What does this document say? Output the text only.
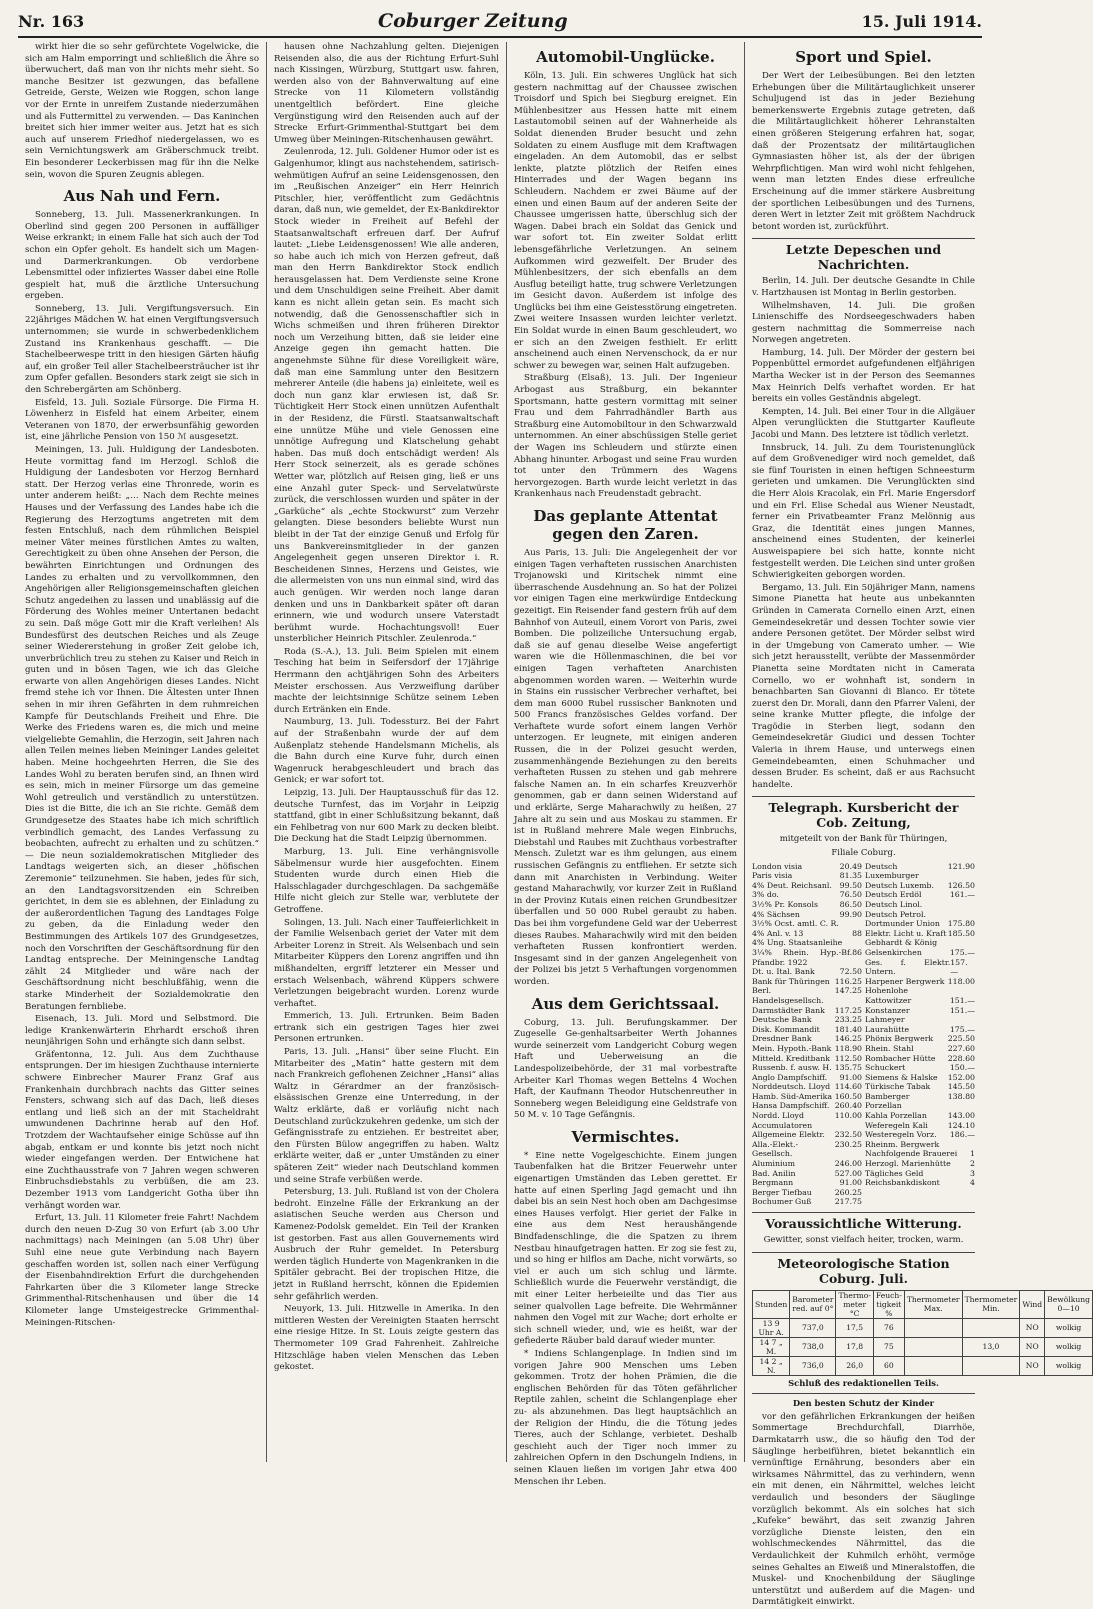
Nr. 163	Coburger Zeitung	15. Juli 1914.

wirkt hier die so sehr gefürchtete Vogelwicke, die sich am Halm emporringt und schließlich die Ähre so überwuchert, daß man von ihr nichts mehr sieht. So manche Besitzer ist gezwungen, das befallene Getreide, Gerste, Weizen wie Roggen, schon lange vor der Ernte in unreifem Zustande niederzumähen und als Futtermittel zu verwenden. — Das Kaninchen breitet sich hier immer weiter aus. Jetzt hat es sich auch auf unserem Friedhof niedergelassen, wo es sein Vernichtungswerk am Gräberschmuck treibt. Ein besonderer Leckerbissen mag für ihn die Nelke sein, wovon die Spuren Zeugnis ablegen.

Aus Nah und Fern.

Sonneberg, 13. Juli. Massenerkrankungen. In Oberlind sind gegen 200 Personen in auffälliger Weise erkrankt; in einem Falle hat sich auch der Tod schon ein Opfer geholt. Es handelt sich um Magen- und Darmerkrankungen. Ob verdorbene Lebensmittel oder infiziertes Wasser dabei eine Rolle gespielt hat, muß die ärztliche Untersuchung ergeben.

Sonneberg, 13. Juli. Vergiftungsversuch. Ein 22jähriges Mädchen W. hat einen Vergiftungsversuch unternommen; sie wurde in schwerbedenklichem Zustand ins Krankenhaus geschafft. — Die Stachelbeerwespe tritt in den hiesigen Gärten häufig auf, ein großer Teil aller Stachelbeersträucher ist ihr zum Opfer gefallen. Besonders stark zeigt sie sich in den Schrebergärten am Schönberg.

Eisfeld, 13. Juli. Soziale Fürsorge. Die Firma H. Löwenherz in Eisfeld hat einem Arbeiter, einem Veteranen von 1870, der erwerbsunfähig geworden ist, eine jährliche Pension von 150 ℳ ausgesetzt.

Meiningen, 13. Juli. Huldigung der Landesboten. Heute vormittag fand im Herzogl. Schloß die Huldigung der Landesboten vor Herzog Bernhard statt. Der Herzog verlas eine Thronrede, worin es unter anderem heißt: „… Nach dem Rechte meines Hauses und der Verfassung des Landes habe ich die Regierung des Herzogtums angetreten mit dem festen Entschluß, nach dem rühmlichen Beispiel meiner Väter meines fürstlichen Amtes zu walten, Gerechtigkeit zu üben ohne Ansehen der Person, die bewährten Einrichtungen und Ordnungen des Landes zu erhalten und zu vervollkommnen, den Angehörigen aller Religionsgemeinschaften gleichen Schutz angedeihen zu lassen und unablässig auf die Förderung des Wohles meiner Untertanen bedacht zu sein. Daß möge Gott mir die Kraft verleihen! Als Bundesfürst des deutschen Reiches und als Zeuge seiner Wiedererstehung in großer Zeit gelobe ich, unverbrüchlich treu zu stehen zu Kaiser und Reich in guten und in bösen Tagen, wie ich das Gleiche erwarte von allen Angehörigen dieses Landes. Nicht fremd stehe ich vor Ihnen. Die Ältesten unter Ihnen sehen in mir ihren Gefährten in dem ruhmreichen Kampfe für Deutschlands Freiheit und Ehre. Die Werke des Friedens waren es, die mich und meine vielgeliebte Gemahlin, die Herzogin, seit Jahren nach allen Teilen meines lieben Meininger Landes geleitet haben. Meine hochgeehrten Herren, die Sie des Landes Wohl zu beraten berufen sind, an Ihnen wird es sein, mich in meiner Fürsorge um das gemeine Wohl getreulich und verständlich zu unterstützen. Dies ist die Bitte, die ich an Sie richte. Gemäß dem Grundgesetze des Staates habe ich mich schriftlich verbindlich gemacht, des Landes Verfassung zu beobachten, aufrecht zu erhalten und zu schützen.“ — Die neun sozialdemokratischen Mitglieder des Landtags weigerten sich, an dieser „höfischen Zeremonie“ teilzunehmen. Sie haben, jedes für sich, an den Landtagsvorsitzenden ein Schreiben gerichtet, in dem sie es ablehnen, der Einladung zu der außerordentlichen Tagung des Landtages Folge zu geben, da die Einladung weder den Bestimmungen des Artikels 107 des Grundgesetzes, noch den Vorschriften der Geschäftsordnung für den Landtag entspreche. Der Meiningensche Landtag zählt 24 Mitglieder und wäre nach der Geschäftsordnung nicht beschlußfähig, wenn die starke Minderheit der Sozialdemokratie den Beratungen fernbliebe.

Eisenach, 13. Juli. Mord und Selbstmord. Die ledige Krankenwärterin Ehrhardt erschoß ihren neunjährigen Sohn und erhängte sich dann selbst.

Gräfentonna, 12. Juli. Aus dem Zuchthause entsprungen. Der im hiesigen Zuchthause internierte schwere Einbrecher Maurer Franz Graf aus Frankenhain durchbrach nachts das Gitter seines Fensters, schwang sich auf das Dach, ließ dieses entlang und ließ sich an der mit Stacheldraht umwundenen Dachrinne herab auf den Hof. Trotzdem der Wachtaufseher einige Schüsse auf ihn abgab, entkam er und konnte bis jetzt noch nicht wieder eingefangen werden. Der Entwichene hat eine Zuchthausstrafe von 7 Jahren wegen schweren Einbruchsdiebstahls zu verbüßen, die am 23. Dezember 1913 vom Landgericht Gotha über ihn verhängt worden war.

Erfurt, 13. Juli. 11 Kilometer freie Fahrt! Nachdem durch den neuen D-Zug 30 von Erfurt (ab 3.00 Uhr nachmittags) nach Meiningen (an 5.08 Uhr) über Suhl eine neue gute Verbindung nach Bayern geschaffen worden ist, sollen nach einer Verfügung der Eisenbahndirektion Erfurt die durchgehenden Fahrkarten über die 3 Kilometer lange Strecke Grimmenthal-Ritschenhausen und über die 14 Kilometer lange Umsteigestrecke Grimmenthal-Meiningen-Ritschen-

hausen ohne Nachzahlung gelten. Diejenigen Reisenden also, die aus der Richtung Erfurt-Suhl nach Kissingen, Würzburg, Stuttgart usw. fahren, werden also von der Bahnverwaltung auf eine Strecke von 11 Kilometern vollständig unentgeltlich befördert. Eine gleiche Vergünstigung wird den Reisenden auch auf der Strecke Erfurt-Grimmenthal-Stuttgart bei dem Umweg über Meiningen-Ritschenhausen gewährt.

Zeulenroda, 12. Juli. Goldener Humor oder ist es Galgenhumor, klingt aus nachstehendem, satirisch-wehmütigen Aufruf an seine Leidensgenossen, den im „Reußischen Anzeiger“ ein Herr Heinrich Pitschler, hier, veröffentlicht zum Gedächtnis daran, daß nun, wie gemeldet, der Ex-Bankdirektor Stock wieder in Freiheit auf Befehl der Staatsanwaltschaft erfreuen darf. Der Aufruf lautet: „Liebe Leidensgenossen! Wie alle anderen, so habe auch ich mich von Herzen gefreut, daß man den Herrn Bankdirektor Stock endlich herausgelassen hat. Dem Verdienste seine Krone und dem Unschuldigen seine Freiheit. Aber damit kann es nicht allein getan sein. Es macht sich notwendig, daß die Genossenschaftler sich in Wichs schmeißen und ihren früheren Direktor noch um Verzeihung bitten, daß sie leider eine Anzeige gegen ihn gemacht hatten. Die angenehmste Sühne für diese Voreiligkeit wäre, daß man eine Sammlung unter den Besitzern mehrerer Anteile (die habens ja) einleitete, weil es doch nun ganz klar erwiesen ist, daß Sr. Tüchtigkeit Herr Stock einen unnützen Aufenthalt in der Residenz, die Fürstl. Staatsanwaltschaft eine unnütze Mühe und viele Genossen eine unnötige Aufregung und Klatschelung gehabt haben. Das muß doch entschädigt werden! Als Herr Stock seinerzeit, als es gerade schönes Wetter war, plötzlich auf Reisen ging, ließ er uns eine Anzahl guter Speck- und Servelatwürste zurück, die verschlossen wurden und später in der „Garküche“ als „echte Stockwurst“ zum Verzehr gelangten. Diese besonders beliebte Wurst nun bleibt in der Tat der einzige Genuß und Erfolg für uns Bankvereinsmitglieder in der ganzen Angelegenheit gegen unseren Direktor i. R. Bescheidenen Sinnes, Herzens und Geistes, wie die allermeisten von uns nun einmal sind, wird das auch genügen. Wir werden noch lange daran denken und uns in Dankbarkeit später oft daran erinnern, wie und wodurch unsere Vaterstadt berühmt wurde. Hochachtungsvoll! Euer unsterblicher Heinrich Pitschler. Zeulenroda.“

Roda (S.-A.), 13. Juli. Beim Spielen mit einem Tesching hat beim in Seifersdorf der 17jährige Herrmann den achtjährigen Sohn des Arbeiters Meister erschossen. Aus Verzweiflung darüber machte der leichtsinnige Schütze seinem Leben durch Ertränken ein Ende.

Naumburg, 13. Juli. Todessturz. Bei der Fahrt auf der Straßenbahn wurde der auf dem Außenplatz stehende Handelsmann Michelis, als die Bahn durch eine Kurve fuhr, durch einen Wagenruck herabgeschleudert und brach das Genick; er war sofort tot.

Leipzig, 13. Juli. Der Hauptausschuß für das 12. deutsche Turnfest, das im Vorjahr in Leipzig stattfand, gibt in einer Schlußsitzung bekannt, daß ein Fehlbetrag von nur 600 Mark zu decken bleibt. Die Deckung hat die Stadt Leipzig übernommen.

Marburg, 13. Juli. Eine verhängnisvolle Säbelmensur wurde hier ausgefochten. Einem Studenten wurde durch einen Hieb die Halsschlagader durchgeschlagen. Da sachgemäße Hilfe nicht gleich zur Stelle war, verblutete der Getroffene.

Solingen, 13. Juli. Nach einer Tauffeierlichkeit in der Familie Welsenbach geriet der Vater mit dem Arbeiter Lorenz in Streit. Als Welsenbach und sein Mitarbeiter Küppers den Lorenz angriffen und ihn mißhandelten, ergriff letzterer ein Messer und erstach Welsenbach, während Küppers schwere Verletzungen beigebracht wurden. Lorenz wurde verhaftet.

Emmerich, 13. Juli. Ertrunken. Beim Baden ertrank sich ein gestrigen Tages hier zwei Personen ertrunken.

Paris, 13. Juli. „Hansi“ über seine Flucht. Ein Mitarbeiter des „Matin“ hatte gestern mit dem nach Frankreich geflohenen Zeichner „Hansi“ alias Waltz in Gérardmer an der französisch-elsässischen Grenze eine Unterredung, in der Waltz erklärte, daß er vorläufig nicht nach Deutschland zurückzukehren gedenke, um sich der Gefängnisstrafe zu entziehen. Er bestreitet aber, den Fürsten Bülow angegriffen zu haben. Waltz erklärte weiter, daß er „unter Umständen zu einer späteren Zeit“ wieder nach Deutschland kommen und seine Strafe verbüßen werde.

Petersburg, 13. Juli. Rußland ist von der Cholera bedroht. Einzelne Fälle der Erkrankung an der asiatischen Seuche werden aus Cherson und Kamenez-Podolsk gemeldet. Ein Teil der Kranken ist gestorben. Fast aus allen Gouvernements wird Ausbruch der Ruhr gemeldet. In Petersburg werden täglich Hunderte von Magenkranken in die Spitäler gebracht. Bei der tropischen Hitze, die jetzt in Rußland herrscht, können die Epidemien sehr gefährlich werden.

Neuyork, 13. Juli. Hitzwelle in Amerika. In den mittleren Westen der Vereinigten Staaten herrscht eine riesige Hitze. In St. Louis zeigte gestern das Thermometer 109 Grad Fahrenheit. Zahlreiche Hitzschläge haben vielen Menschen das Leben gekostet.

Automobil-Unglücke.

Köln, 13. Juli. Ein schweres Unglück hat sich gestern nachmittag auf der Chaussee zwischen Troisdorf und Spich bei Siegburg ereignet. Ein Mühlenbesitzer aus Hessen hatte mit einem Lastautomobil seinen auf der Wahnerheide als Soldat dienenden Bruder besucht und zehn Soldaten zu einem Ausfluge mit dem Kraftwagen eingeladen. An dem Automobil, das er selbst lenkte, platzte plötzlich der Reifen eines Hinterrades und der Wagen begann ins Schleudern. Nachdem er zwei Bäume auf der einen und einen Baum auf der anderen Seite der Chaussee umgerissen hatte, überschlug sich der Wagen. Dabei brach ein Soldat das Genick und war sofort tot. Ein zweiter Soldat erlitt lebensgefährliche Verletzungen. An seinem Aufkommen wird gezweifelt. Der Bruder des Mühlenbesitzers, der sich ebenfalls an dem Ausflug beteiligt hatte, trug schwere Verletzungen im Gesicht davon. Außerdem ist infolge des Unglücks bei ihm eine Geistesstörung eingetreten. Zwei weitere Insassen wurden leichter verletzt. Ein Soldat wurde in einen Baum geschleudert, wo er sich an den Zweigen festhielt. Er erlitt anscheinend auch einen Nervenschock, da er nur schwer zu bewegen war, seinen Halt aufzugeben.

Straßburg (Elsaß), 13. Juli. Der Ingenieur Arbogast aus Straßburg, ein bekannter Sportsmann, hatte gestern vormittag mit seiner Frau und dem Fahrradhändler Barth aus Straßburg eine Automobiltour in den Schwarzwald unternommen. An einer abschüssigen Stelle geriet der Wagen ins Schleudern und stürzte einen Abhang hinunter. Arbogast und seine Frau wurden tot unter den Trümmern des Wagens hervorgezogen. Barth wurde leicht verletzt in das Krankenhaus nach Freudenstadt gebracht.

Das geplante Attentat gegen den Zaren.

Aus Paris, 13. Juli: Die Angelegenheit der vor einigen Tagen verhafteten russischen Anarchisten Trojanowski und Kiritschek nimmt eine überraschende Ausdehnung an. So hat der Polizei vor einigen Tagen eine merkwürdige Entdeckung gezeitigt. Ein Reisender fand gestern früh auf dem Bahnhof von Auteuil, einem Vorort von Paris, zwei Bomben. Die polizeiliche Untersuchung ergab, daß sie auf genau dieselbe Weise angefertigt waren wie die Höllenmaschinen, die bei vor einigen Tagen verhafteten Anarchisten abgenommen worden waren. — Weiterhin wurde in Stains ein russischer Verbrecher verhaftet, bei dem man 6000 Rubel russischer Banknoten und 500 Francs französisches Geldes vorfand. Der Verhaftete wurde sofort einem langen Verhör unterzogen. Er leugnete, mit einigen anderen Russen, die in der Polizei gesucht werden, zusammenhängende Beziehungen zu den bereits verhafteten Russen zu stehen und gab mehrere falsche Namen an. In ein scharfes Kreuzverhör genommen, gab er dann seinen Widerstand auf und erklärte, Serge Maharachwily zu heißen, 27 Jahre alt zu sein und aus Moskau zu stammen. Er ist in Rußland mehrere Male wegen Einbruchs, Diebstahl und Raubes mit Zuchthaus vorbestrafter Mensch. Zuletzt war es ihm gelungen, aus einem russischen Gefängnis zu entfliehen. Er setzte sich dann mit Anarchisten in Verbindung. Weiter gestand Maharachwily, vor kurzer Zeit in Rußland in der Provinz Kutais einen reichen Grundbesitzer überfallen und 50 000 Rubel geraubt zu haben. Das bei ihm vorgefundene Geld war der Ueberrest dieses Raubes. Maharachwily wird mit den beiden verhafteten Russen konfrontiert werden. Insgesamt sind in der ganzen Angelegenheit von der Polizei bis jetzt 5 Verhaftungen vorgenommen worden.

Aus dem Gerichtssaal.

Coburg, 13. Juli. Berufungskammer. Der Zugeselle Ge-genhaltsarbeiter Werth Johannes wurde seinerzeit vom Landgericht Coburg wegen Haft und Ueberweisung an die Landespolizeibehörde, der 31 mal vorbestrafte Arbeiter Karl Thomas wegen Bettelns 4 Wochen Haft, der Kaufmann Theodor Hutschenreuther in Sonneberg wegen Beleidigung eine Geldstrafe von 50 M. v. 10 Tage Gefängnis.

Vermischtes.

* Eine nette Vogelgeschichte. Einem jungen Taubenfalken hat die Britzer Feuerwehr unter eigenartigen Umständen das Leben gerettet. Er hatte auf einen Sperling Jagd gemacht und ihn dabei bis an sein Nest hoch oben am Dachgesimse eines Hauses verfolgt. Hier geriet der Falke in eine aus dem Nest heraushängende Bindfadenschlinge, die die Spatzen zu ihrem Nestbau hinaufgetragen hatten. Er zog sie fest zu, und so hing er hilflos am Dache, nicht vorwärts, so viel er auch um sich schlug und lärmte. Schließlich wurde die Feuerwehr verständigt, die mit einer Leiter herbeieilte und das Tier aus seiner qualvollen Lage befreite. Die Wehrmänner nahmen den Vogel mit zur Wache; dort erholte er sich schnell wieder, und, wie es heißt, war der gefiederte Räuber bald darauf wieder munter.

* Indiens Schlangenplage. In Indien sind im vorigen Jahre 900 Menschen ums Leben gekommen. Trotz der hohen Prämien, die die englischen Behörden für das Töten gefährlicher Reptile zahlen, scheint die Schlangenplage eher zu- als abzunehmen. Das liegt hauptsächlich an der Religion der Hindu, die die Tötung jedes Tieres, auch der Schlange, verbietet. Deshalb geschieht auch der Tiger noch immer zu zahlreichen Opfern in den Dschungeln Indiens, in seinen Klauen ließen im vorigen Jahr etwa 400 Menschen ihr Leben.

Sport und Spiel.

Der Wert der Leibesübungen. Bei den letzten Erhebungen über die Militärtauglichkeit unserer Schuljugend ist das in jeder Beziehung bemerkenswerte Ergebnis zutage getreten, daß die Militärtauglichkeit höherer Lehranstalten einen größeren Steigerung erfahren hat, sogar, daß der Prozentsatz der militärtauglichen Gymnasiasten höher ist, als der der übrigen Wehrpflichtigen. Man wird wohl nicht fehlgehen, wenn man letzten Endes diese erfreuliche Erscheinung auf die immer stärkere Ausbreitung der sportlichen Leibesübungen und des Turnens, deren Wert in letzter Zeit mit größtem Nachdruck betont worden ist, zurückführt.

Letzte Depeschen und Nachrichten.

Berlin, 14. Juli. Der deutsche Gesandte in Chile v. Hartzhausen ist Montag in Berlin gestorben.

Wilhelmshaven, 14. Juli. Die großen Linienschiffe des Nordseegeschwaders haben gestern nachmittag die Sommerreise nach Norwegen angetreten.

Hamburg, 14. Juli. Der Mörder der gestern bei Poppenbüttel ermordet aufgefundenen elfjährigen Martha Wecker ist in der Person des Seemannes Max Heinrich Delfs verhaftet worden. Er hat bereits ein volles Geständnis abgelegt.

Kempten, 14. Juli. Bei einer Tour in die Allgäuer Alpen verunglückten die Stuttgarter Kaufleute Jacobi und Mann. Des letztere ist tödlich verletzt.

Innsbruck, 14. Juli. Zu dem Touristenunglück auf dem Großvenediger wird noch gemeldet, daß sie fünf Touristen in einen heftigen Schneesturm gerieten und umkamen. Die Verunglückten sind die Herr Alois Kracolak, ein Frl. Marie Engersdorf und ein Frl. Elise Schedal aus Wiener Neustadt, ferner ein Privatbeamter Franz Melönnig aus Graz, die Identität eines jungen Mannes, anscheinend eines Studenten, der keinerlei Ausweispapiere bei sich hatte, konnte nicht festgestellt werden. Die Leichen sind unter großen Schwierigkeiten geborgen worden.

Bergamo, 13. Juli. Ein 50jähriger Mann, namens Simone Pianetta hat heute aus unbekannten Gründen in Camerata Cornello einen Arzt, einen Gemeindesekretär und dessen Tochter sowie vier andere Personen getötet. Der Mörder selbst wird in der Umgebung von Camerato umher. — Wie sich jetzt herausstellt, verübte der Massenmörder Pianetta seine Mordtaten nicht in Camerata Cornello, wo er wohnhaft ist, sondern in benachbarten San Giovanni di Blanco. Er tötete zuerst den Dr. Morali, dann den Pfarrer Valeni, der seine kranke Mutter pflegte, die infolge der Tragödie in Sterben liegt, sodann den Gemeindesekretär Giudici und dessen Tochter Valeria in ihrem Hause, und unterwegs einen Gemeindebeamten, einen Schuhmacher und dessen Bruder. Es scheint, daß er aus Rachsucht handelte.

Telegraph. Kursbericht der Cob. Zeitung,
mitgeteilt von der Bank für Thüringen,
Filiale Coburg.
London visia	20.49
Paris visia	81.35
4% Deut. Reichsanl. 99.50
3% do.	76.50
3½% Pr. Konsols	86.50
4% Sächsen	99.90
3½% Ocst. amtl. C. R.
4% Anl. v. 13	88
4% Ung. Staatsanleihe
3¼% Rhein. Hyp.-Bf. Pfandbr. 1922
86
Dt. u. Ital. Bank	72.50
Bank für Thüringen 116.25
Berl. Handelsgesellsch.
147.25
Darmstädter Bank 117.25
Deutsche Bank	233.25
Disk. Kommandit 181.40
Dresdner Bank	146.25
Mein. Hypoth.-Bank 118.90
Mitteld. Kreditbank 112.50
Russenb. f. ausw. H. 135.75
Anglo Dampfschiff. 91.00
Norddeutsch. Lloyd 114.60
Hamb. Süd-Amerika 160.50
Hansa Dampfschiff. 260.40
Nordd. Lloyd	110.00
Accumulatoren
Allgemeine Elektr. 232.50
Alla.-Elekt.-Gesellsch.
230.25
Aluminium	246.00
Bad. Anilin	527.00
Bergmann	91.00
Berger Tiefbau	260.25
Bochumer Guß	217.75
Deutsch Luxemburger
121.90
Deutsch Luxemb. 126.50
Deutsch Erdöl	161.—
Deutsch Linol.
Deutsch Petrol.
Dortmunder Union 175.80
Elektr. Licht u. Kraft 185.50
Gebhardt & König
Gelsenkirchen	175.—
Ges. f. Elektr. Untern.
157.—
Harpener Bergwerk 118.00
Hohenlohe
Kattowitzer	151.—
Konstanzer	151.—
Lahmeyer
Laurahütte	175.—
Phönix Bergwerk 225.50
Rhein. Stahl	227.60
Rombacher Hütte 228.60
Schuckert	150.—
Siemens & Halske 152.00
Türkische Tabak 145.50
Bamberger Porzellan
138.80
Kahla Porzellan	143.00
Weferegeln Kali	124.10
Westeregeln Vorz. 186.—
Rheinm. Bergwerk
Nachfolgende Brauerei 1
Herzogl. Marienhütte 2
Tägliches Geld	3
Reichsbankdiskont	4
Voraussichtliche Witterung.
Gewitter, sonst vielfach heiter, trocken, warm.
Meteorologische Station Coburg. Juli.
Stunden	Barometer red. auf 0°	Thermo-meter °C	Feuch-tigkeit %	Thermometer Max.	Thermometer Min.	Wind	Bewölkung 0—10
13 9 Uhr A.	737,0	17,5	76			NO	wolkig
14 7 „ M.	738,0	17,8	75		13,0	NO	wolkig
14 2 „ N.	736,0	26,0	60			NO	wolkig
Schluß des redaktionellen Teils.
Den besten Schutz der Kinder

vor den gefährlichen Erkrankungen der heißen Sommertage Brechdurchfall, Diarrhöe, Darmkatarrh usw., die so häufig den Tod der Säuglinge herbeiführen, bietet bekanntlich ein vernünftige Ernährung, besonders aber ein wirksames Nährmittel, das zu verhindern, wenn ein mit denen, ein Nährmittel, welches leicht verdaulich und besonders der Säuglinge vorzüglich bekommt. Als ein solches hat sich „Kufeke“ bewährt, das seit zwanzig Jahren vorzügliche Dienste leisten, den ein wohlschmeckendes Nährmittel, das die Verdaulichkeit der Kuhmilch erhöht, vermöge seines Gehaltes an Eiweiß und Mineralstoffen, die Muskel- und Knochenbildung der Säuglinge unterstützt und außerdem auf die Magen- und Darmtätigkeit einwirkt.
